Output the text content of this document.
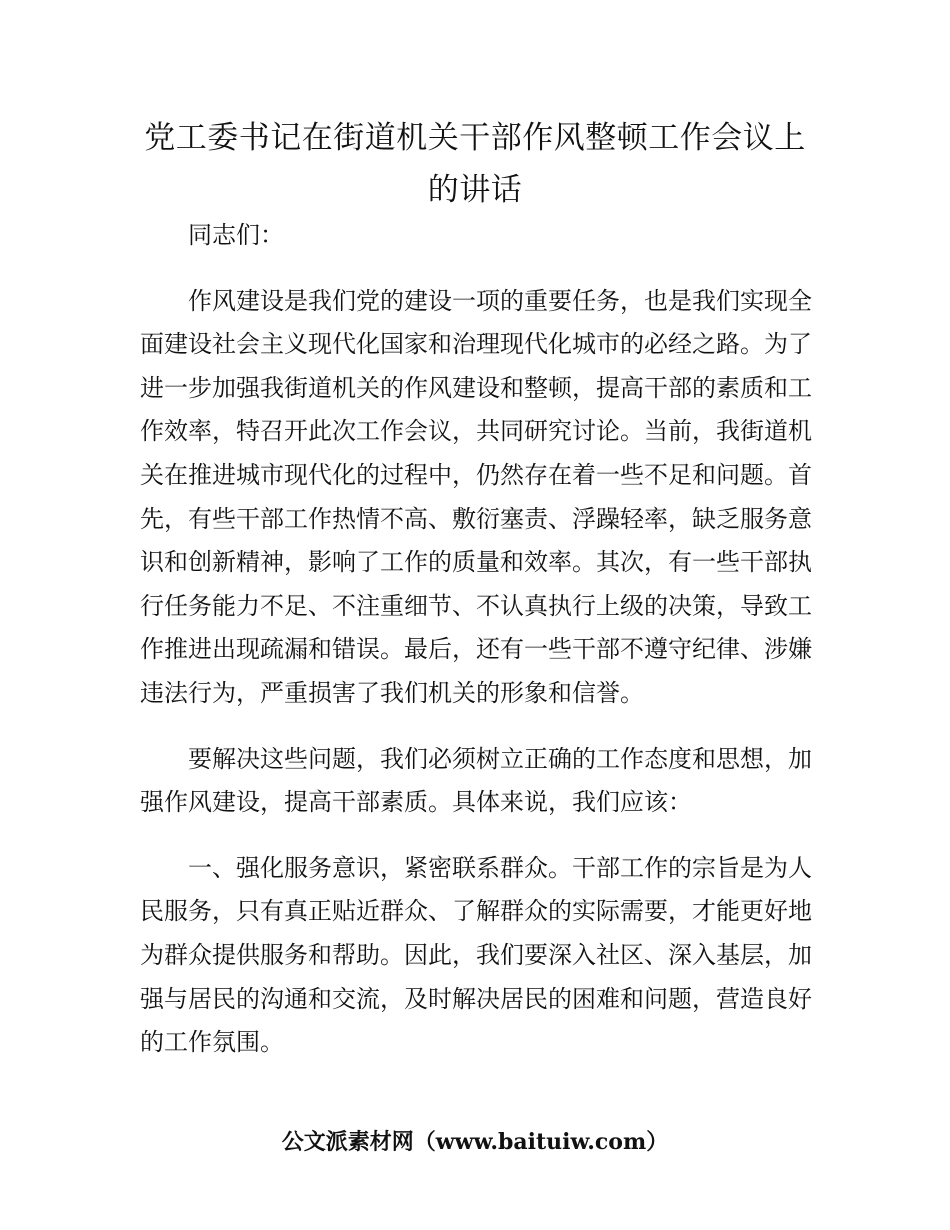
党工委书记在街道机关干部作风整顿工作会议上的讲话

同志们：

作风建设是我们党的建设一项的重要任务，也是我们实现全面建设社会主义现代化国家和治理现代化城市的必经之路。为了进一步加强我街道机关的作风建设和整顿，提高干部的素质和工作效率，特召开此次工作会议，共同研究讨论。当前，我街道机关在推进城市现代化的过程中，仍然存在着一些不足和问题。首先，有些干部工作热情不高、敷衍塞责、浮躁轻率，缺乏服务意识和创新精神，影响了工作的质量和效率。其次，有一些干部执行任务能力不足、不注重细节、不认真执行上级的决策，导致工作推进出现疏漏和错误。最后，还有一些干部不遵守纪律、涉嫌违法行为，严重损害了我们机关的形象和信誉。

要解决这些问题，我们必须树立正确的工作态度和思想，加强作风建设，提高干部素质。具体来说，我们应该：

一、强化服务意识，紧密联系群众。干部工作的宗旨是为人民服务，只有真正贴近群众、了解群众的实际需要，才能更好地为群众提供服务和帮助。因此，我们要深入社区、深入基层，加强与居民的沟通和交流，及时解决居民的困难和问题，营造良好的工作氛围。

公文派素材网（www.baituiw.com）
